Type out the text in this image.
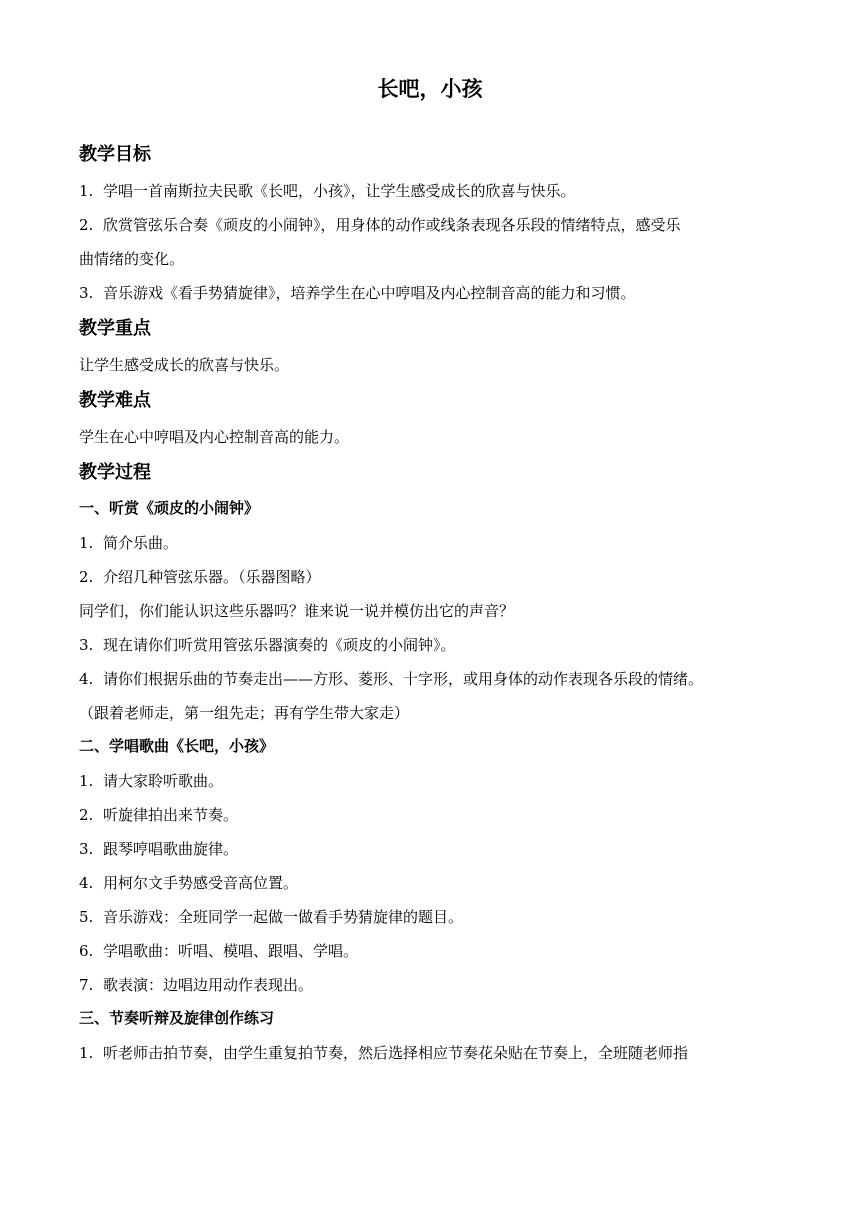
长吧，小孩
教学目标
1. 学唱一首南斯拉夫民歌《长吧，小孩》，让学生感受成长的欣喜与快乐。
2. 欣赏管弦乐合奏《顽皮的小闹钟》，用身体的动作或线条表现各乐段的情绪特点，感受乐
曲情绪的变化。
3. 音乐游戏《看手势猜旋律》，培养学生在心中哼唱及内心控制音高的能力和习惯。
教学重点
让学生感受成长的欣喜与快乐。
教学难点
学生在心中哼唱及内心控制音高的能力。
教学过程
一、听赏《顽皮的小闹钟》
1. 简介乐曲。
2. 介绍几种管弦乐器。（乐器图略）
同学们，你们能认识这些乐器吗？谁来说一说并模仿出它的声音？
3. 现在请你们听赏用管弦乐器演奏的《顽皮的小闹钟》。
4. 请你们根据乐曲的节奏走出——方形、菱形、十字形，或用身体的动作表现各乐段的情绪。
（跟着老师走，第一组先走；再有学生带大家走）
二、学唱歌曲《长吧，小孩》
1. 请大家聆听歌曲。
2. 听旋律拍出来节奏。
3. 跟琴哼唱歌曲旋律。
4. 用柯尔文手势感受音高位置。
5. 音乐游戏：全班同学一起做一做看手势猜旋律的题目。
6. 学唱歌曲：听唱、模唱、跟唱、学唱。
7. 歌表演：边唱边用动作表现出。
三、节奏听辩及旋律创作练习
1. 听老师击拍节奏，由学生重复拍节奏，然后选择相应节奏花朵贴在节奏上，全班随老师指
